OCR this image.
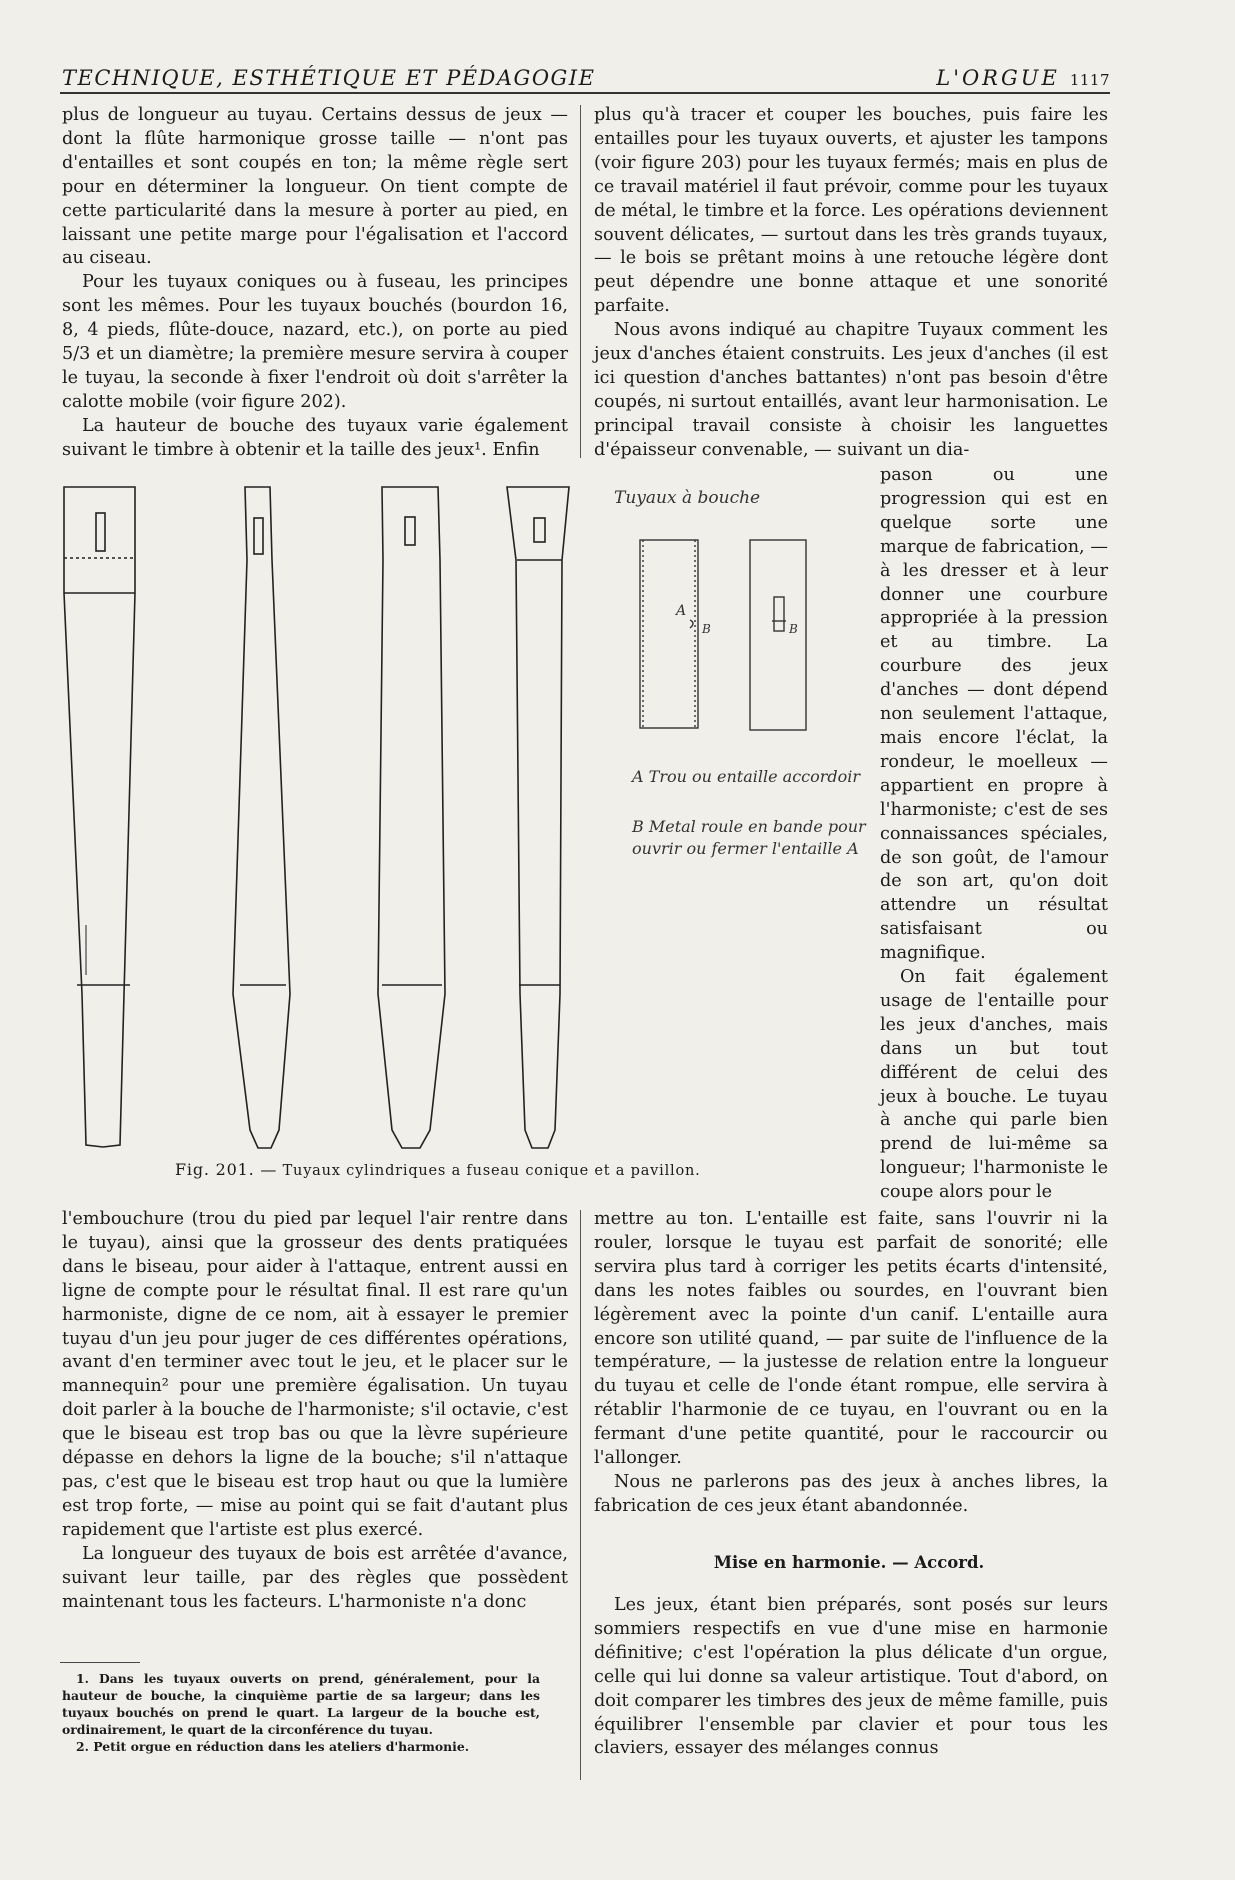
TECHNIQUE, ESTHÉTIQUE ET PÉDAGOGIE	L'ORGUE 1117

plus de longueur au tuyau. Certains dessus de jeux — dont la flûte harmonique grosse taille — n'ont pas d'entailles et sont coupés en ton; la même règle sert pour en déterminer la longueur. On tient compte de cette particularité dans la mesure à porter au pied, en laissant une petite marge pour l'égalisation et l'accord au ciseau.

Pour les tuyaux coniques ou à fuseau, les principes sont les mêmes. Pour les tuyaux bouchés (bourdon 16, 8, 4 pieds, flûte-douce, nazard, etc.), on porte au pied 5/3 et un diamètre; la première mesure servira à couper le tuyau, la seconde à fixer l'endroit où doit s'arrêter la calotte mobile (voir figure 202).

La hauteur de bouche des tuyaux varie également suivant le timbre à obtenir et la taille des jeux¹. Enfin

plus qu'à tracer et couper les bouches, puis faire les entailles pour les tuyaux ouverts, et ajuster les tampons (voir figure 203) pour les tuyaux fermés; mais en plus de ce travail matériel il faut prévoir, comme pour les tuyaux de métal, le timbre et la force. Les opérations deviennent souvent délicates, — surtout dans les très grands tuyaux, — le bois se prêtant moins à une retouche légère dont peut dépendre une bonne attaque et une sonorité parfaite.

Nous avons indiqué au chapitre Tuyaux comment les jeux d'anches étaient construits. Les jeux d'anches (il est ici question d'anches battantes) n'ont pas besoin d'être coupés, ni surtout entaillés, avant leur harmonisation. Le principal travail consiste à choisir les languettes d'épaisseur convenable, — suivant un dia-

pason ou une progression qui est en quelque sorte une marque de fabrication, — à les dresser et à leur donner une courbure appropriée à la pression et au timbre. La courbure des jeux d'anches — dont dépend non seulement l'attaque, mais encore l'éclat, la rondeur, le moelleux — appartient en propre à l'harmoniste; c'est de ses connaissances spéciales, de son goût, de l'amour de son art, qu'on doit attendre un résultat satisfaisant ou magnifique.

On fait également usage de l'entaille pour les jeux d'anches, mais dans un but tout différent de celui des jeux à bouche. Le tuyau à anche qui parle bien prend de lui-même sa longueur; l'harmoniste le coupe alors pour le

Tuyaux à bouche
A
B	B
A Trou ou entaille accordoir
B Metal roule en bande pour ouvrir ou fermer l'entaille A
Fig. 201. — Tuyaux cylindriques a fuseau conique et a pavillon.

l'embouchure (trou du pied par lequel l'air rentre dans le tuyau), ainsi que la grosseur des dents pratiquées dans le biseau, pour aider à l'attaque, entrent aussi en ligne de compte pour le résultat final. Il est rare qu'un harmoniste, digne de ce nom, ait à essayer le premier tuyau d'un jeu pour juger de ces différentes opérations, avant d'en terminer avec tout le jeu, et le placer sur le mannequin² pour une première égalisation. Un tuyau doit parler à la bouche de l'harmoniste; s'il octavie, c'est que le biseau est trop bas ou que la lèvre supérieure dépasse en dehors la ligne de la bouche; s'il n'attaque pas, c'est que le biseau est trop haut ou que la lumière est trop forte, — mise au point qui se fait d'autant plus rapidement que l'artiste est plus exercé.

La longueur des tuyaux de bois est arrêtée d'avance, suivant leur taille, par des règles que possèdent maintenant tous les facteurs. L'harmoniste n'a donc

mettre au ton. L'entaille est faite, sans l'ouvrir ni la rouler, lorsque le tuyau est parfait de sonorité; elle servira plus tard à corriger les petits écarts d'intensité, dans les notes faibles ou sourdes, en l'ouvrant bien légèrement avec la pointe d'un canif. L'entaille aura encore son utilité quand, — par suite de l'influence de la température, — la justesse de relation entre la longueur du tuyau et celle de l'onde étant rompue, elle servira à rétablir l'harmonie de ce tuyau, en l'ouvrant ou en la fermant d'une petite quantité, pour le raccourcir ou l'allonger.

Nous ne parlerons pas des jeux à anches libres, la fabrication de ces jeux étant abandonnée.

Mise en harmonie. — Accord.

Les jeux, étant bien préparés, sont posés sur leurs sommiers respectifs en vue d'une mise en harmonie définitive; c'est l'opération la plus délicate d'un orgue, celle qui lui donne sa valeur artistique. Tout d'abord, on doit comparer les timbres des jeux de même famille, puis équilibrer l'ensemble par clavier et pour tous les claviers, essayer des mélanges connus

1. Dans les tuyaux ouverts on prend, généralement, pour la hauteur de bouche, la cinquième partie de sa largeur; dans les tuyaux bouchés on prend le quart. La largeur de la bouche est, ordinairement, le quart de la circonférence du tuyau.

2. Petit orgue en réduction dans les ateliers d'harmonie.
